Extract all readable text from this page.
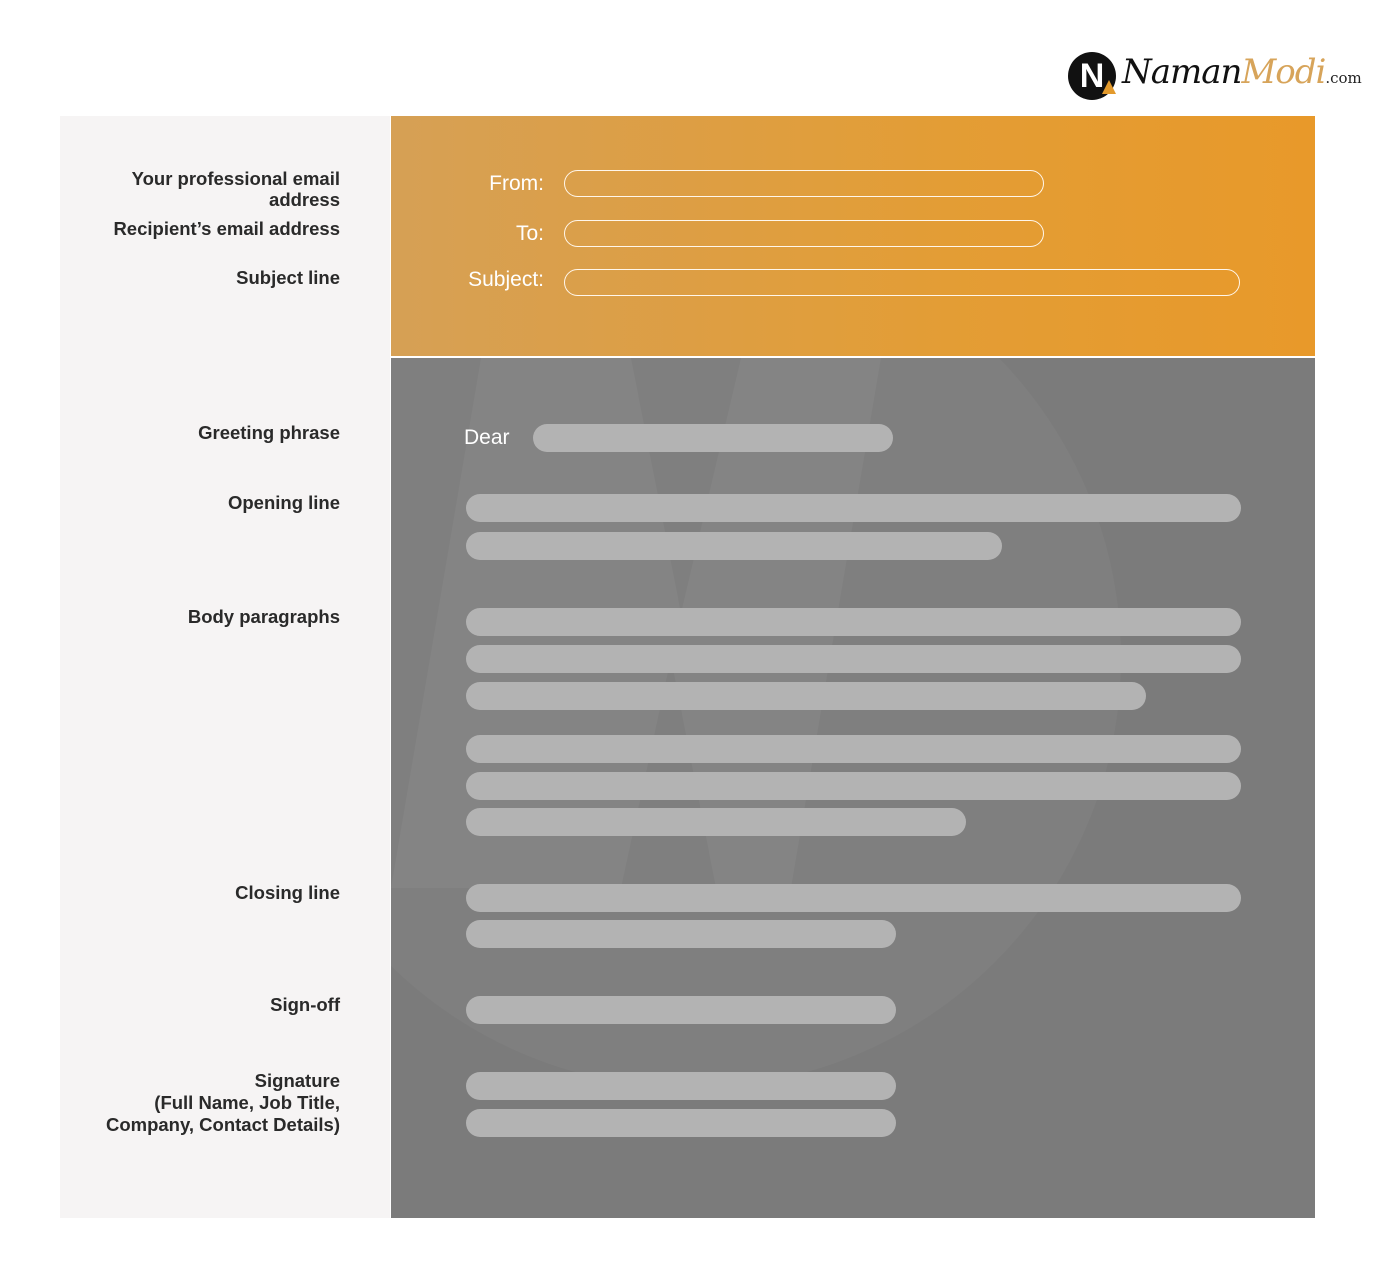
N NamanModi.com
Your professional email
address
Recipient’s email address
Subject line
Greeting phrase
Opening line
Body paragraphs
Closing line
Sign-off
Signature
(Full Name, Job Title,
Company, Contact Details)
From:
To:
Subject:
Dear
